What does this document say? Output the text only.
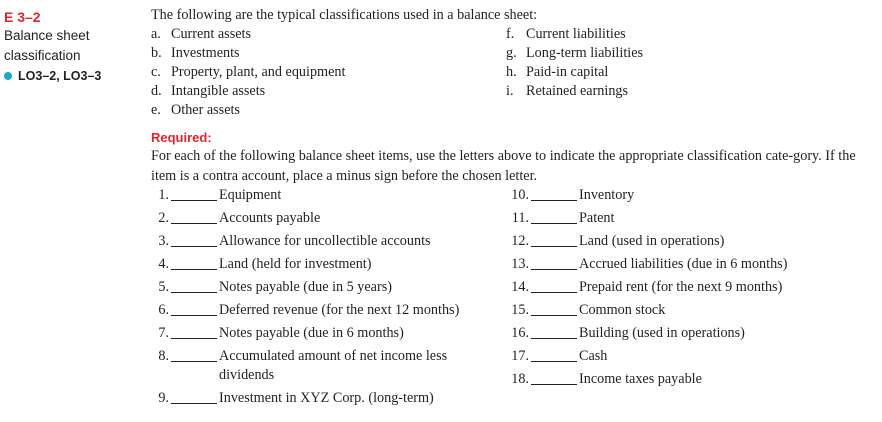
E 3–2
Balance sheet
classification
LO3–2, LO3–3
The following are the typical classifications used in a balance sheet:
a. Current assets
b. Investments
c. Property, plant, and equipment
d. Intangible assets
e. Other assets
f. Current liabilities
g. Long-term liabilities
h. Paid-in capital
i. Retained earnings
Required:
For each of the following balance sheet items, use the letters above to indicate the appropriate classification cate-gory. If the item is a contra account, place a minus sign before the chosen letter.
1.	Equipment
2.	Accounts payable
3.	Allowance for uncollectible accounts
4.	Land (held for investment)
5.	Notes payable (due in 5 years)
6.	Deferred revenue (for the next 12 months)
7.	Notes payable (due in 6 months)
8.	Accumulated amount of net income less dividends
9.	Investment in XYZ Corp. (long-term)
10.	Inventory
11.	Patent
12.	Land (used in operations)
13.	Accrued liabilities (due in 6 months)
14.	Prepaid rent (for the next 9 months)
15.	Common stock
16.	Building (used in operations)
17.	Cash
18.	Income taxes payable
